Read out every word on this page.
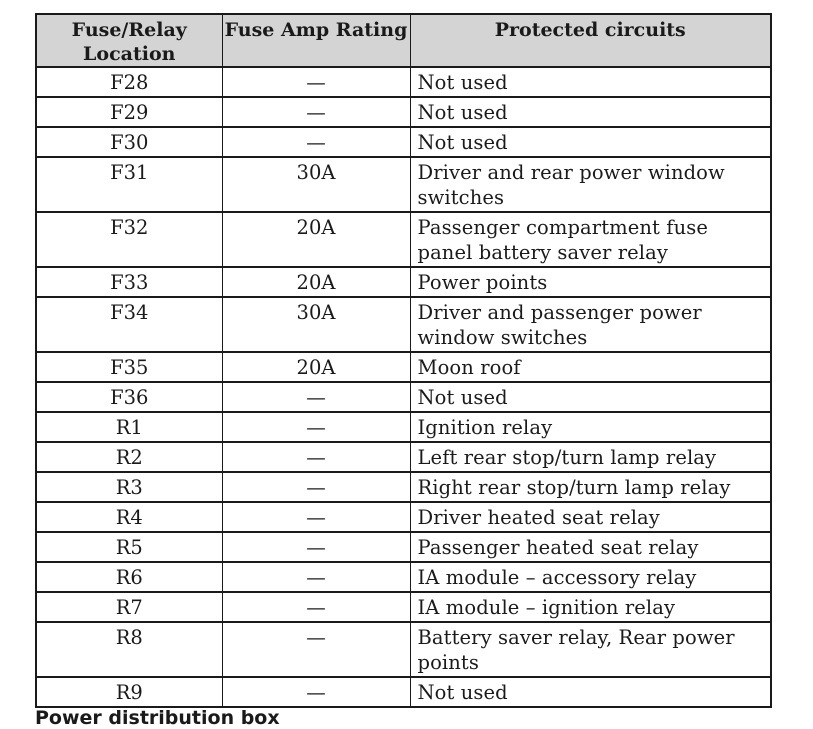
Fuse/Relay Location	Fuse Amp Rating	Protected circuits
F28	—	Not used
F29	—	Not used
F30	—	Not used
F31	30A	Driver and rear power window switches
F32	20A	Passenger compartment fuse panel battery saver relay
F33	20A	Power points
F34	30A	Driver and passenger power window switches
F35	20A	Moon roof
F36	—	Not used
R1	—	Ignition relay
R2	—	Left rear stop/turn lamp relay
R3	—	Right rear stop/turn lamp relay
R4	—	Driver heated seat relay
R5	—	Passenger heated seat relay
R6	—	IA module – accessory relay
R7	—	IA module – ignition relay
R8	—	Battery saver relay, Rear power points
R9	—	Not used
Power distribution box
